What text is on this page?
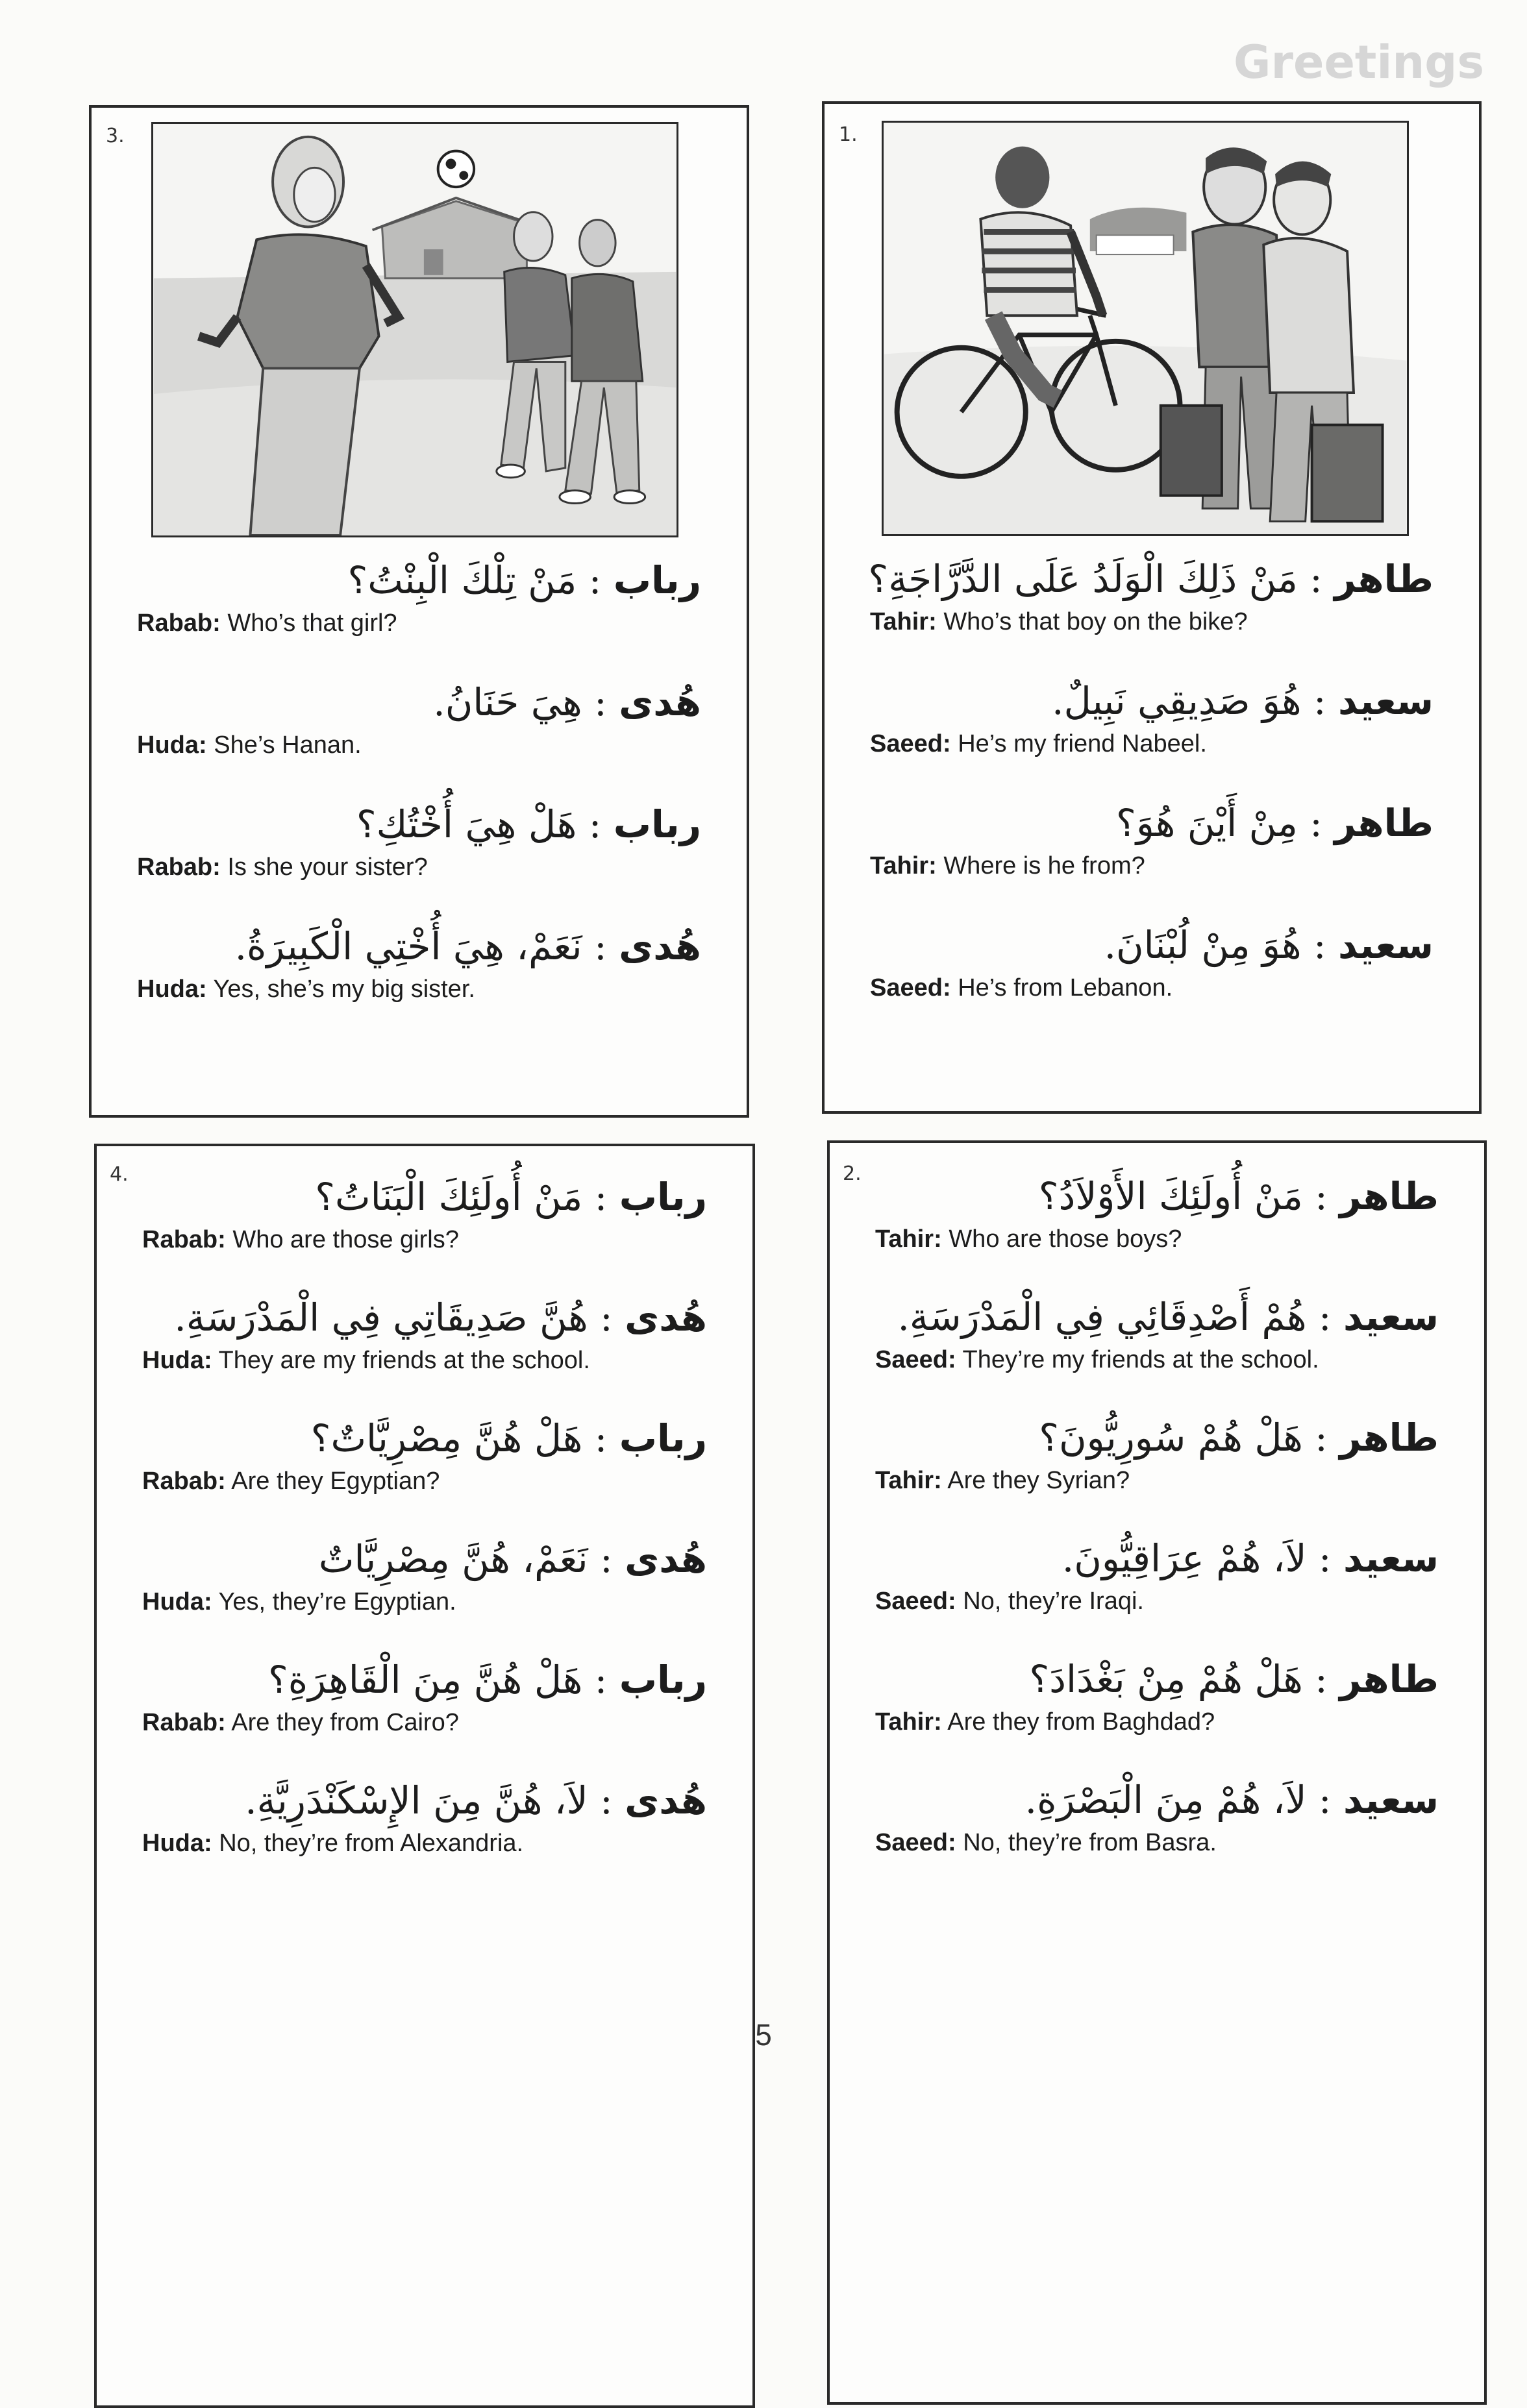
Greetings
3.
رباب : مَنْ تِلْكَ الْبِنْتُ؟
Rabab: Who’s that girl?
هُدى : هِيَ حَنَانُ.
Huda: She’s Hanan.
رباب : هَلْ هِيَ أُخْتُكِ؟
Rabab: Is she your sister?
هُدى : نَعَمْ، هِيَ أُخْتِي الْكَبِيرَةُ.
Huda: Yes, she’s my big sister.
1.
طاهر : مَنْ ذَلِكَ الْوَلَدُ عَلَى الدَّرَّاجَةِ؟
Tahir: Who’s that boy on the bike?
سعيد : هُوَ صَدِيقِي نَبِيلٌ.
Saeed: He’s my friend Nabeel.
طاهر : مِنْ أَيْنَ هُوَ؟
Tahir: Where is he from?
سعيد : هُوَ مِنْ لُبْنَانَ.
Saeed: He’s from Lebanon.
4.
رباب : مَنْ أُولَئِكَ الْبَنَاتُ؟
Rabab: Who are those girls?
هُدى : هُنَّ صَدِيقَاتِي فِي الْمَدْرَسَةِ.
Huda: They are my friends at the school.
رباب : هَلْ هُنَّ مِصْرِيَّاتٌ؟
Rabab: Are they Egyptian?
هُدى : نَعَمْ، هُنَّ مِصْرِيَّاتٌ
Huda: Yes, they’re Egyptian.
رباب : هَلْ هُنَّ مِنَ الْقَاهِرَةِ؟
Rabab: Are they from Cairo?
هُدى : لاَ، هُنَّ مِنَ الإِسْكَنْدَرِيَّةِ.
Huda: No, they’re from Alexandria.
2.
طاهر : مَنْ أُولَئِكَ الأَوْلاَدُ؟
Tahir: Who are those boys?
سعيد : هُمْ أَصْدِقَائِي فِي الْمَدْرَسَةِ.
Saeed: They’re my friends at the school.
طاهر : هَلْ هُمْ سُورِيُّونَ؟
Tahir: Are they Syrian?
سعيد : لاَ، هُمْ عِرَاقِيُّونَ.
Saeed: No, they’re Iraqi.
طاهر : هَلْ هُمْ مِنْ بَغْدَادَ؟
Tahir: Are they from Baghdad?
سعيد : لاَ، هُمْ مِنَ الْبَصْرَةِ.
Saeed: No, they’re from Basra.
5
